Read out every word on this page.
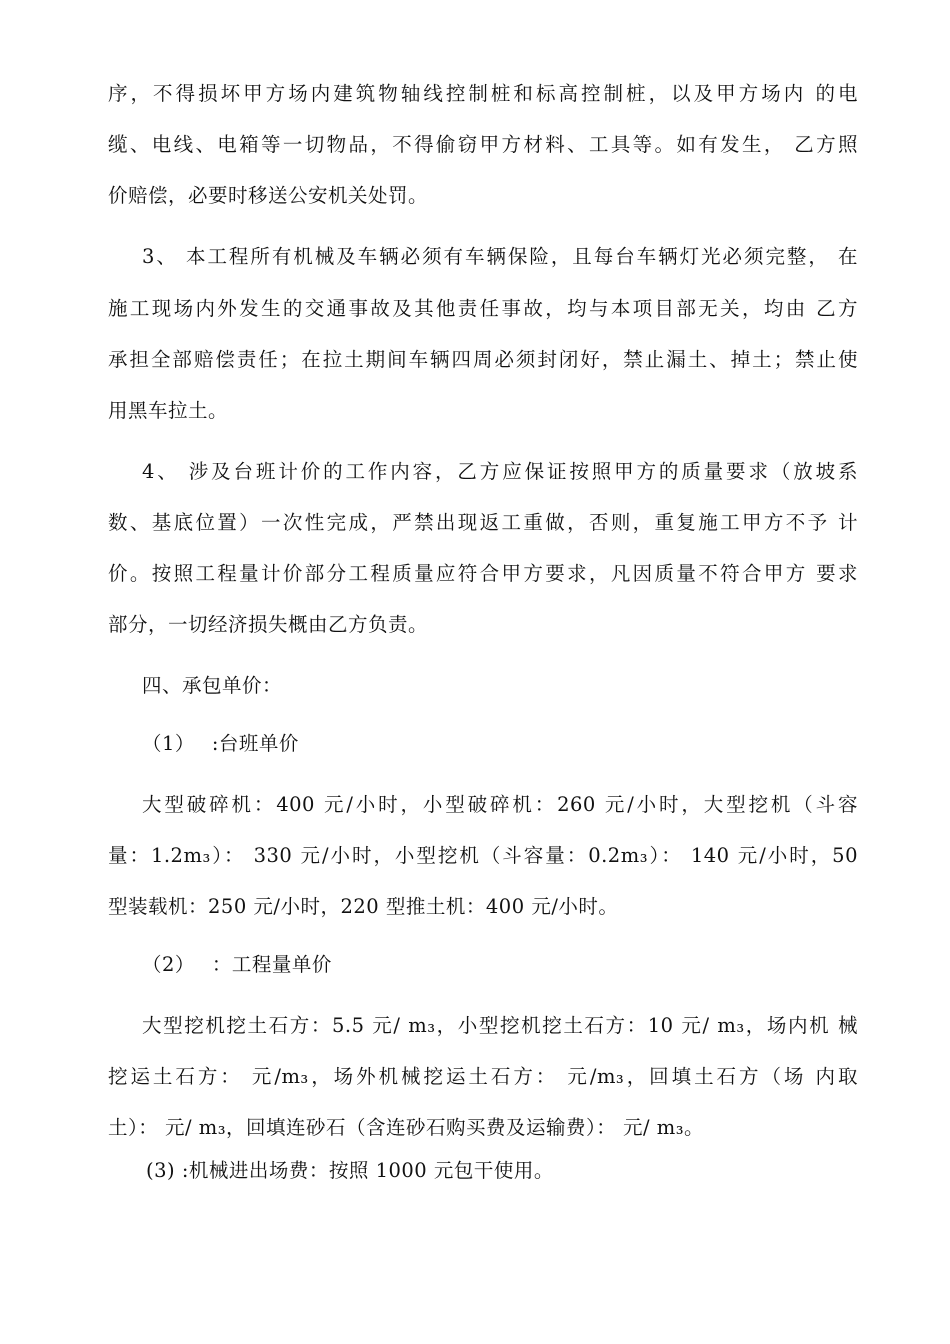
序，不得损坏甲方场内建筑物轴线控制桩和标高控制桩，以及甲方场内 的电
缆、电线、电箱等一切物品，不得偷窃甲方材料、工具等。如有发生， 乙方照
价赔偿，必要时移送公安机关处罚。
3、 本工程所有机械及车辆必须有车辆保险，且每台车辆灯光必须完整， 在
施工现场内外发生的交通事故及其他责任事故，均与本项目部无关，均由 乙方
承担全部赔偿责任；在拉土期间车辆四周必须封闭好，禁止漏土、掉土；禁止使
用黑车拉土。
4、 涉及台班计价的工作内容，乙方应保证按照甲方的质量要求（放坡系
数、基底位置）一次性完成，严禁出现返工重做，否则，重复施工甲方不予 计
价。按照工程量计价部分工程质量应符合甲方要求，凡因质量不符合甲方 要求
部分，一切经济损失概由乙方负责。
四、承包单价：
（1）　 :台班单价
大型破碎机：400 元/小时，小型破碎机：260 元/小时，大型挖机（斗容
量：1.2m₃）： 330 元/小时，小型挖机（斗容量：0.2m₃）： 140 元/小时，50
型装载机：250 元/小时，220 型推土机：400 元/小时。
（2）　 ：工程量单价
大型挖机挖土石方：5.5 元/ m₃，小型挖机挖土石方：10 元/ m₃，场内机 械
挖运土石方： 元/m₃，场外机械挖运土石方： 元/m₃，回填土石方（场 内取
土）： 元/ m₃，回填连砂石（含连砂石购买费及运输费）： 元/ m₃。
(3) :机械进出场费：按照 1000 元包干使用。
